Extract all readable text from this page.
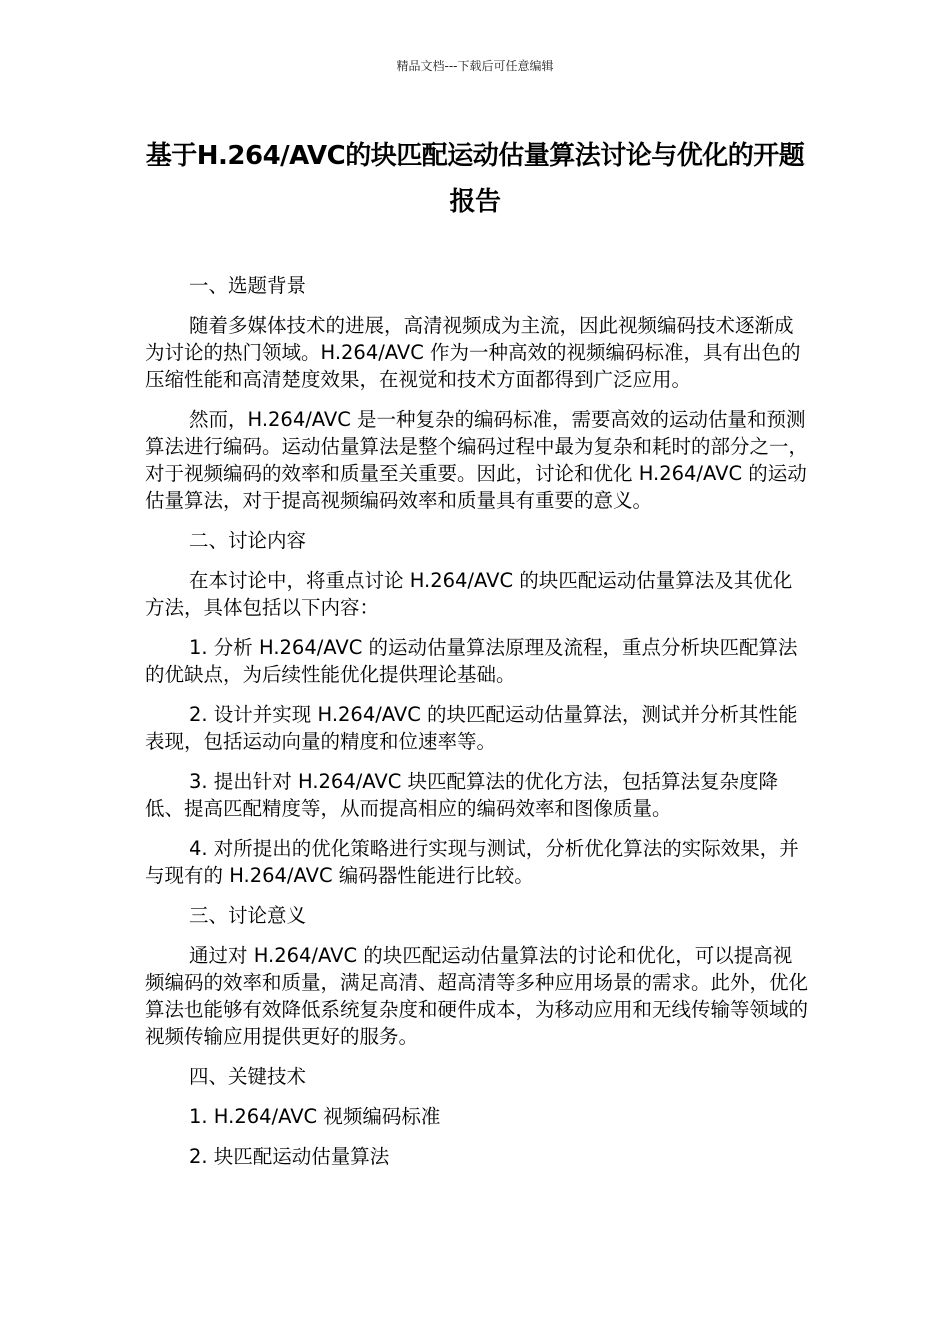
精品文档---下载后可任意编辑
基于H.264/AVC的块匹配运动估量算法讨论与优化的开题报告

一、选题背景

随着多媒体技术的进展，高清视频成为主流，因此视频编码技术逐渐成为讨论的热门领域。H.264/AVC 作为一种高效的视频编码标准，具有出色的压缩性能和高清楚度效果，在视觉和技术方面都得到广泛应用。

然而，H.264/AVC 是一种复杂的编码标准，需要高效的运动估量和预测算法进行编码。运动估量算法是整个编码过程中最为复杂和耗时的部分之一，对于视频编码的效率和质量至关重要。因此，讨论和优化 H.264/AVC 的运动估量算法，对于提高视频编码效率和质量具有重要的意义。

二、讨论内容

在本讨论中，将重点讨论 H.264/AVC 的块匹配运动估量算法及其优化方法，具体包括以下内容：

1. 分析 H.264/AVC 的运动估量算法原理及流程，重点分析块匹配算法的优缺点，为后续性能优化提供理论基础。

2. 设计并实现 H.264/AVC 的块匹配运动估量算法，测试并分析其性能表现，包括运动向量的精度和位速率等。

3. 提出针对 H.264/AVC 块匹配算法的优化方法，包括算法复杂度降低、提高匹配精度等，从而提高相应的编码效率和图像质量。

4. 对所提出的优化策略进行实现与测试，分析优化算法的实际效果，并与现有的 H.264/AVC 编码器性能进行比较。

三、讨论意义

通过对 H.264/AVC 的块匹配运动估量算法的讨论和优化，可以提高视频编码的效率和质量，满足高清、超高清等多种应用场景的需求。此外，优化算法也能够有效降低系统复杂度和硬件成本，为移动应用和无线传输等领域的视频传输应用提供更好的服务。

四、关键技术

1. H.264/AVC 视频编码标准

2. 块匹配运动估量算法
